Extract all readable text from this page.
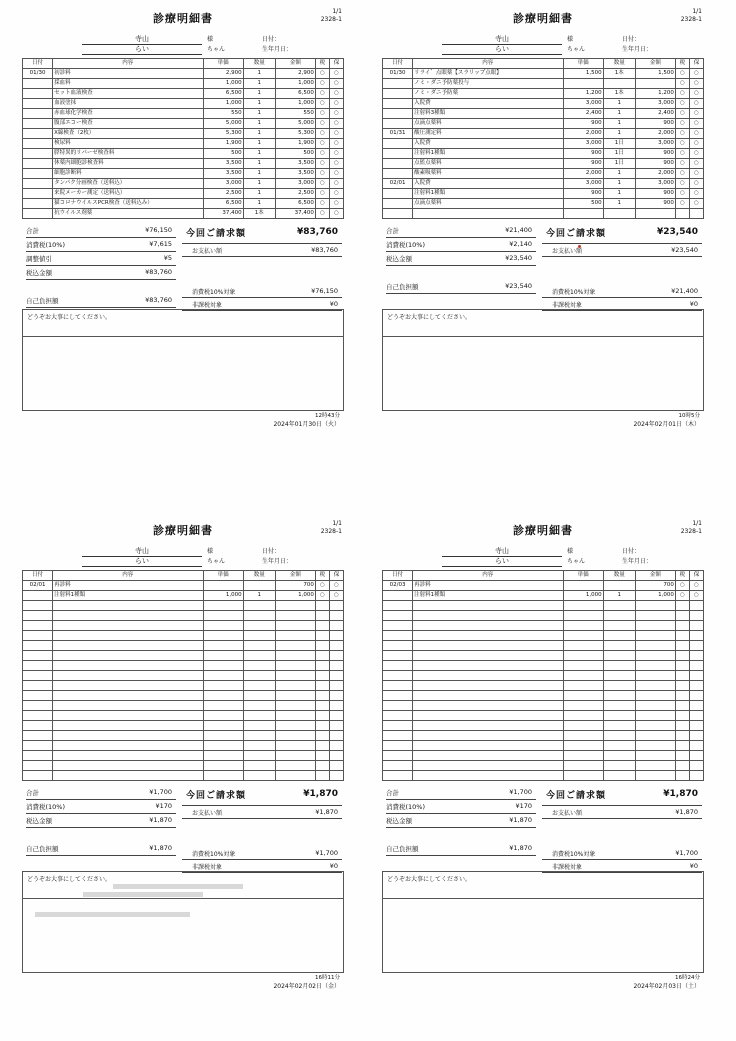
診療明細書
1/1
2328-1
寺山
らい
様
ちゃん
日付：
生年月日：
日付	内容	単価	数量	金額	税	保
01/30	初診料	2,900	1	2,900	○	○
	採血料	1,000	1	1,000	○	○
	セット血液検査	6,500	1	6,500	○	○
	血液塗抹	1,000	1	1,000	○	○
	赤血球化学検査	550	1	550	○	○
	腹部エコー検査	5,000	1	5,000	○	○
	X線検査（2枚）	5,300	1	5,300	○	○
	検尿料	1,900	1	1,900	○	○
	膵特異的リパーゼ検査料	500	1	500	○	○
	休薬内細胞診検査料	3,500	1	3,500	○	○
	細胞診断料	3,500	1	3,500	○	○
	タンパク分画検査（送料込）	3,000	1	3,000	○	○
	来院メーカー測定（送料込）	2,500	1	2,500	○	○
	猫コロナウイルスPCR検査（送料込み）	6,500	1	6,500	○	○
	抗ウイルス剤薬	37,400	1本	37,400	○	○
合計	¥76,150
消費税(10%)	¥7,615
調整値引	¥5
税込金額	¥83,760
自己負担額	¥83,760
今回ご請求額	¥83,760
お支払い額	¥83,760
消費税10%対象	¥76,150
非課税対象	¥0
どうぞお大事にしてください。
12時43分
2024年01月30日（火）
診療明細書
1/1
2328-1
寺山
らい
様
ちゃん
日付：
生年月日：
日付	内容	単価	数量	金額	税	保
01/30	リライ゛点眼薬【スラリップ点眼】	1,500	1本	1,500	○	○
	ノミ・ダニ予防薬投与				○	○
	ノミ・ダニ予防薬	1,200	1本	1,200	○	○
	入院費	3,000	1	3,000	○	○
	注射料3種類	2,400	1	2,400	○	○
	点滴点薬料	900	1	900	○	○
01/31	酸圧測定料	2,000	1	2,000	○	○
	入院費	3,000	1日	3,000	○	○
	注射料1種類	900	1日	900	○	○
	点監点薬料	900	1日	900	○	○
	酸素吸薬料	2,000	1	2,000	○	○
02/01	入院費	3,000	1	3,000	○	○
	注射料1種類	900	1	900	○	○
	点滴点薬料	500	1	900	○	○

合計	¥21,400
消費税(10%)	¥2,140
税込金額	¥23,540
自己負担額	¥23,540
今回ご請求額	¥23,540
お支払い額	¥23,540
消費税10%対象	¥21,400
非課税対象	¥0
どうぞお大事にしてください。
10時5分
2024年02月01日（木）
診療明細書
1/1
2328-1
寺山
らい
様
ちゃん
日付：
生年月日：
日付	内容	単価	数量	金額	税	保
02/01	再診料			700	○	○
	注射料1種類	1,000	1	1,000	○	○

合計	¥1,700
消費税(10%)	¥170
税込金額	¥1,870
自己負担額	¥1,870
今回ご請求額	¥1,870
お支払い額	¥1,870
消費税10%対象	¥1,700
非課税対象	¥0
どうぞお大事にしてください。
16時11分
2024年02月02日（金）
診療明細書
1/1
2328-1
寺山
らい
様
ちゃん
日付：
生年月日：
日付	内容	単価	数量	金額	税	保
02/03	再診料			700	○	○
	注射料1種類	1,000	1	1,000	○	○

合計	¥1,700
消費税(10%)	¥170
税込金額	¥1,870
自己負担額	¥1,870
今回ご請求額	¥1,870
お支払い額	¥1,870
消費税10%対象	¥1,700
非課税対象	¥0
どうぞお大事にしてください。
16時24分
2024年02月03日（土）
